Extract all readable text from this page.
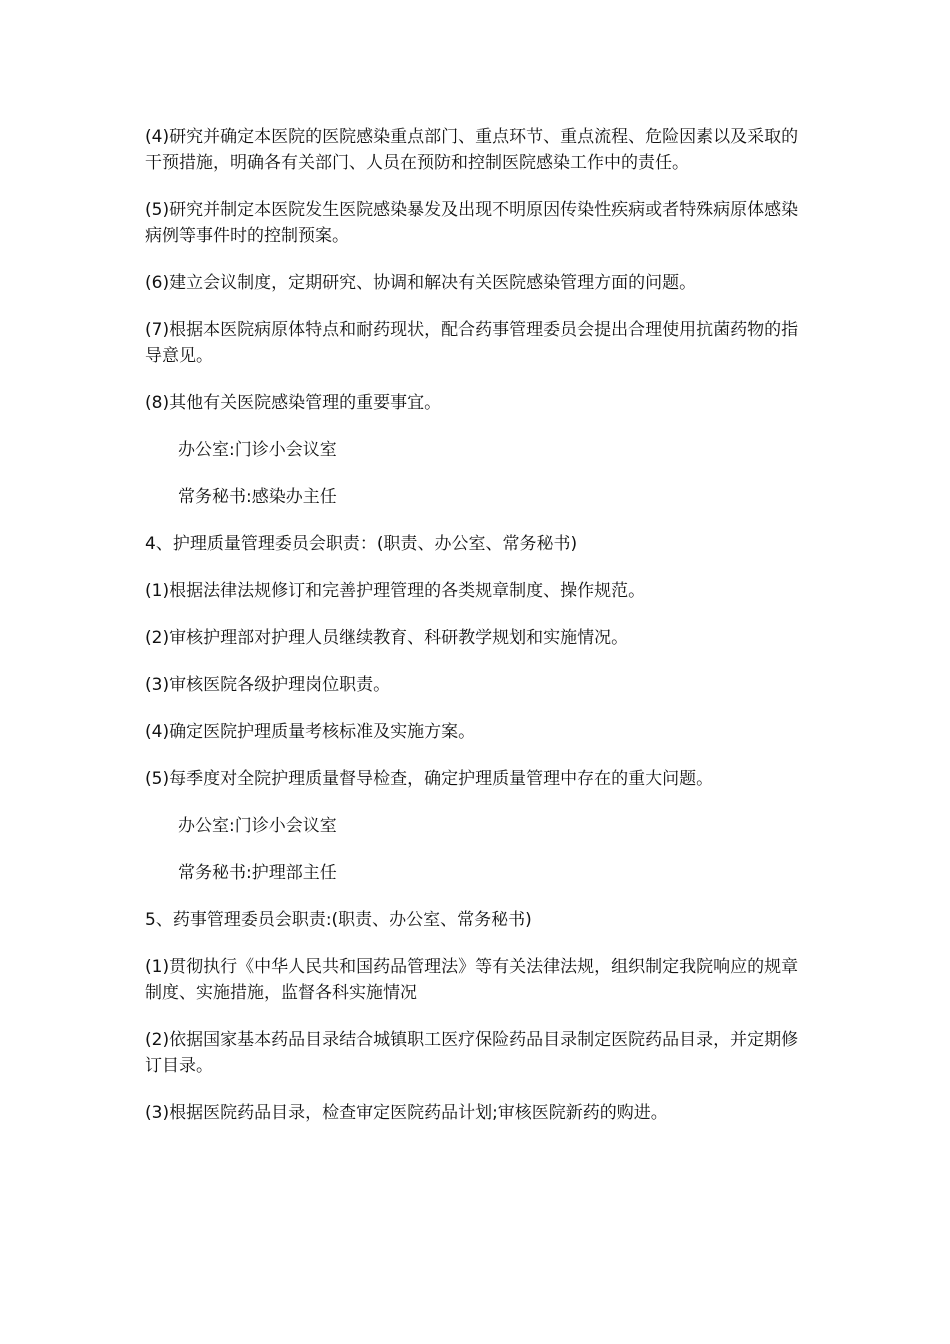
(4)研究并确定本医院的医院感染重点部门、重点环节、重点流程、危险因素以及采取的干预措施，明确各有关部门、人员在预防和控制医院感染工作中的责任。

(5)研究并制定本医院发生医院感染暴发及出现不明原因传染性疾病或者特殊病原体感染病例等事件时的控制预案。

(6)建立会议制度，定期研究、协调和解决有关医院感染管理方面的问题。

(7)根据本医院病原体特点和耐药现状，配合药事管理委员会提出合理使用抗菌药物的指导意见。

(8)其他有关医院感染管理的重要事宜。

办公室:门诊小会议室

常务秘书:感染办主任

4、护理质量管理委员会职责：(职责、办公室、常务秘书)

(1)根据法律法规修订和完善护理管理的各类规章制度、操作规范。

(2)审核护理部对护理人员继续教育、科研教学规划和实施情况。

(3)审核医院各级护理岗位职责。

(4)确定医院护理质量考核标准及实施方案。

(5)每季度对全院护理质量督导检查，确定护理质量管理中存在的重大问题。

办公室:门诊小会议室

常务秘书:护理部主任

5、药事管理委员会职责:(职责、办公室、常务秘书)

(1)贯彻执行《中华人民共和国药品管理法》等有关法律法规，组织制定我院响应的规章制度、实施措施，监督各科实施情况

(2)依据国家基本药品目录结合城镇职工医疗保险药品目录制定医院药品目录，并定期修订目录。

(3)根据医院药品目录，检查审定医院药品计划;审核医院新药的购进。
